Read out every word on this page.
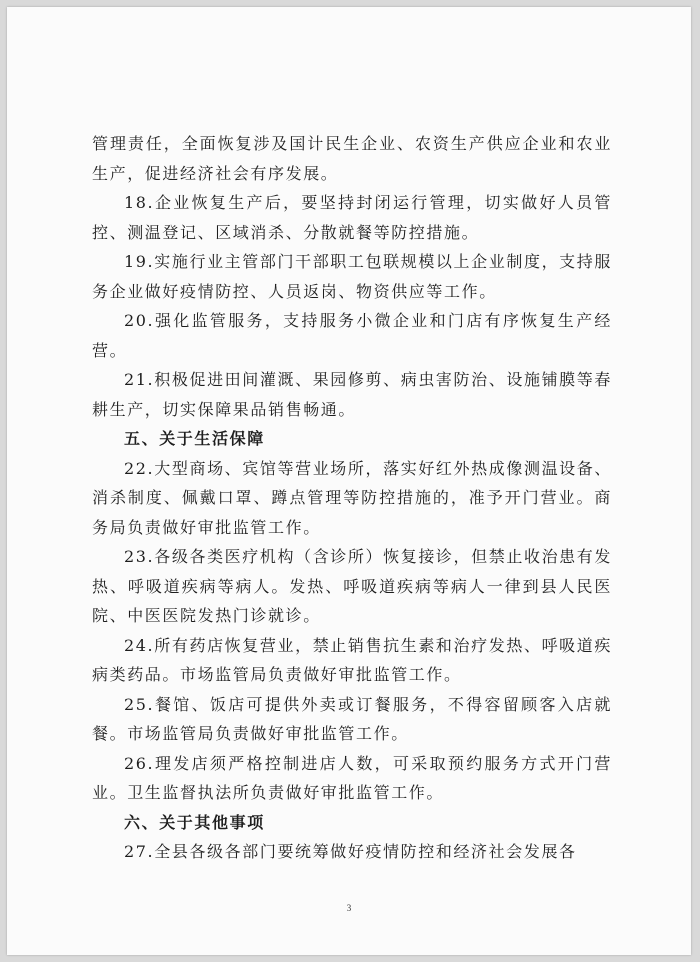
管理责任，全面恢复涉及国计民生企业、农资生产供应企业和农业生产，促进经济社会有序发展。

18.企业恢复生产后，要坚持封闭运行管理，切实做好人员管控、测温登记、区域消杀、分散就餐等防控措施。

19.实施行业主管部门干部职工包联规模以上企业制度，支持服务企业做好疫情防控、人员返岗、物资供应等工作。

20.强化监管服务，支持服务小微企业和门店有序恢复生产经营。

21.积极促进田间灌溉、果园修剪、病虫害防治、设施铺膜等春耕生产，切实保障果品销售畅通。

五、关于生活保障

22.大型商场、宾馆等营业场所，落实好红外热成像测温设备、消杀制度、佩戴口罩、蹲点管理等防控措施的，准予开门营业。商务局负责做好审批监管工作。

23.各级各类医疗机构（含诊所）恢复接诊，但禁止收治患有发热、呼吸道疾病等病人。发热、呼吸道疾病等病人一律到县人民医院、中医医院发热门诊就诊。

24.所有药店恢复营业，禁止销售抗生素和治疗发热、呼吸道疾病类药品。市场监管局负责做好审批监管工作。

25.餐馆、饭店可提供外卖或订餐服务，不得容留顾客入店就餐。市场监管局负责做好审批监管工作。

26.理发店须严格控制进店人数，可采取预约服务方式开门营业。卫生监督执法所负责做好审批监管工作。

六、关于其他事项

27.全县各级各部门要统筹做好疫情防控和经济社会发展各

3
